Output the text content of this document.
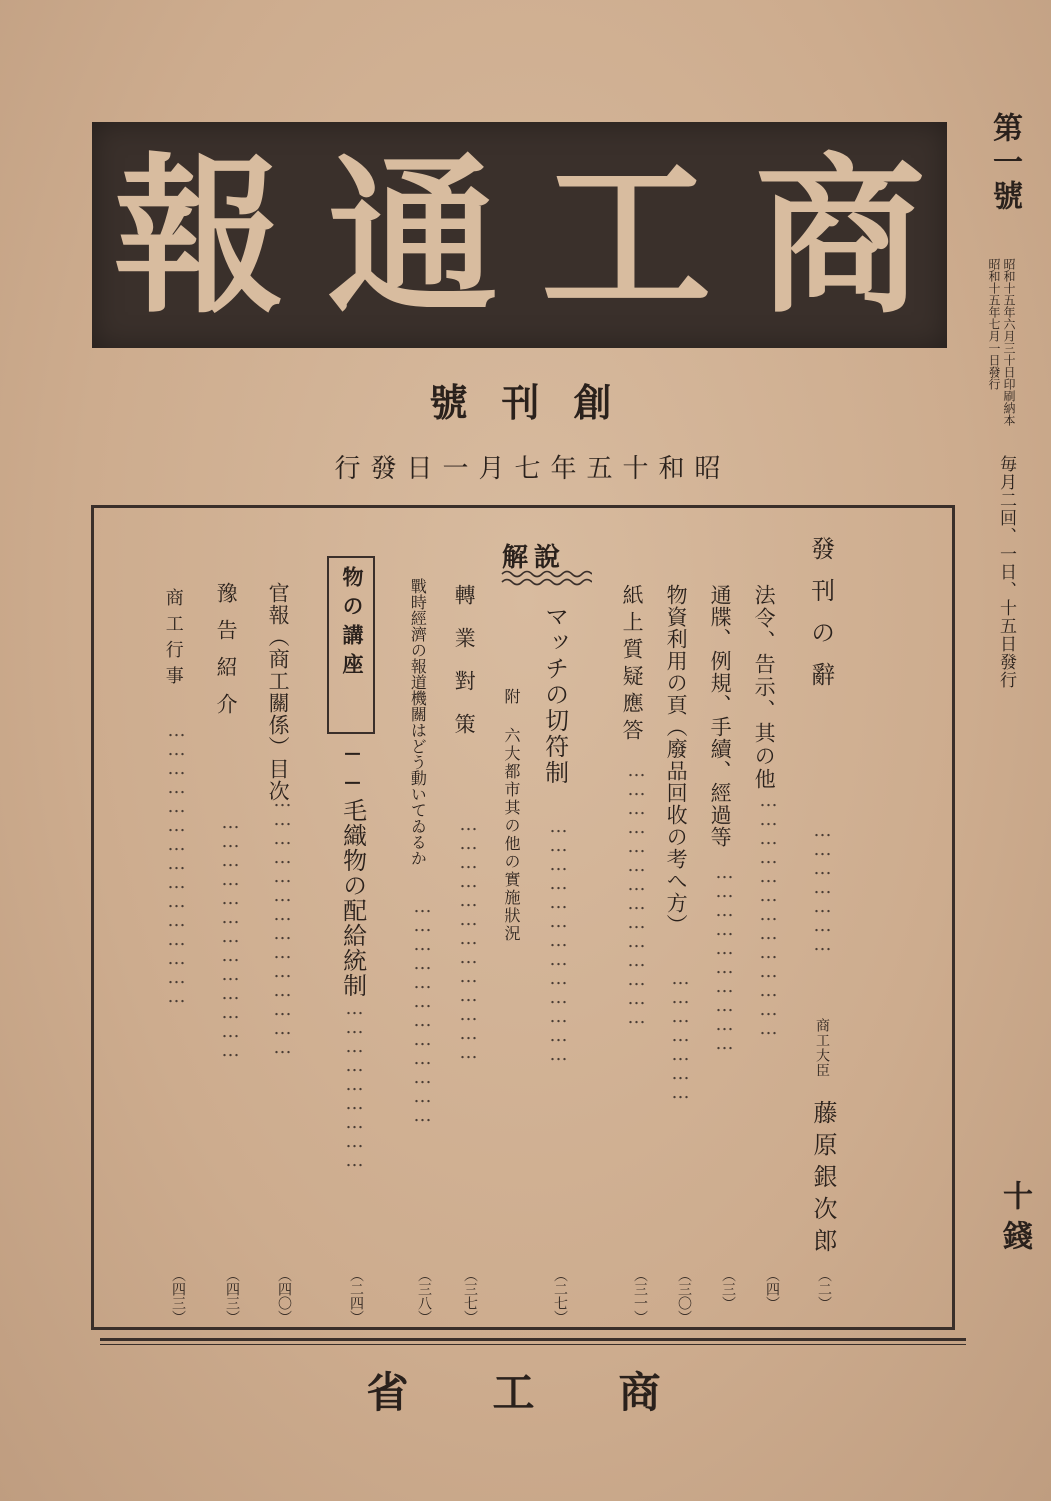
商
工
通
報	第一號
昭和十五年六月三十日印刷納本
昭和十五年七月一日發行
毎月二回、一日、十五日發行
十錢
號刊創
行發日一月七年五十和昭
發刊の辭
…………………
商工大臣
藤原銀次郎
（二）
法令、告示、其の他
…………………………………
（四）
通牒、例規、手續、經過等
…………………………
（三）
物資利用の頁（廢品回收の考へ方）
…………………
（三〇）
紙上質疑應答
……………………………………
（三一）
解說
マッチの切符制
附 六大都市其の他の實施狀況 …………………………………
（二七）
轉業對策
…………………………………
（三七）
戰時經濟の報道機關はどう動いてゐるか
………………………………
（三八）
物の講座
──毛織物の配給統制
………………………
（二四）
官報（商工關係）目次
……………………………………
（四〇）
豫告紹介
…………………………………
（四三）
商工行事
………………………………………
（四三）
省工商
